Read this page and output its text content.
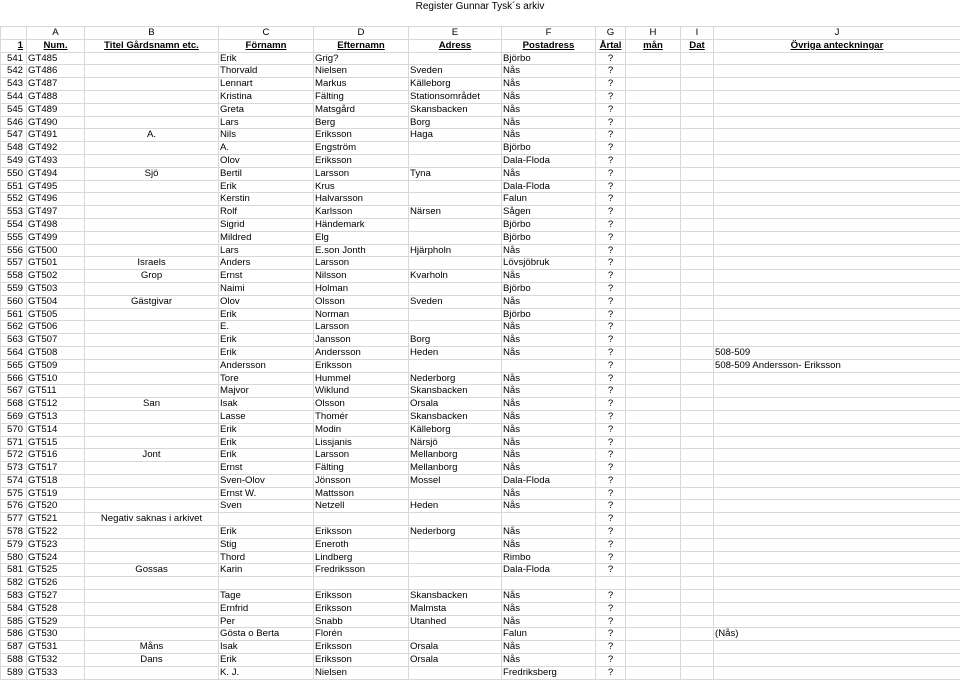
Register Gunnar Tysk´s arkiv
	A	B	C	D	E	F	G	H	I	J
1	Num.	Titel Gårdsnamn etc.	Förnamn	Efternamn	Adress	Postadress	Årtal	mån	Dat	Övriga anteckningar
541	GT485		Erik	Grig?		Björbo	?			
542	GT486		Thorvald	Nielsen	Sveden	Nås	?			
543	GT487		Lennart	Markus	Källeborg	Nås	?			
544	GT488		Kristina	Fälting	Stationsområdet	Nås	?			
545	GT489		Greta	Matsgård	Skansbacken	Nås	?			
546	GT490		Lars	Berg	Borg	Nås	?			
547	GT491	A.	Nils	Eriksson	Haga	Nås	?			
548	GT492		A.	Engström		Björbo	?			
549	GT493		Olov	Eriksson		Dala-Floda	?			
550	GT494	Sjö	Bertil	Larsson	Tyna	Nås	?			
551	GT495		Erik	Krus		Dala-Floda	?			
552	GT496		Kerstin	Halvarsson		Falun	?			
553	GT497		Rolf	Karlsson	Närsen	Sågen	?			
554	GT498		Sigrid	Händemark		Björbo	?			
555	GT499		Mildred	Elg		Björbo	?			
556	GT500		Lars	E.son Jonth	Hjärpholn	Nås	?			
557	GT501	Israels	Anders	Larsson		Lövsjöbruk	?			
558	GT502	Grop	Ernst	Nilsson	Kvarholn	Nås	?			
559	GT503		Naimi	Holman		Björbo	?			
560	GT504	Gästgivar	Olov	Olsson	Sveden	Nås	?			
561	GT505		Erik	Norman		Björbo	?			
562	GT506		E.	Larsson		Nås	?			
563	GT507		Erik	Jansson	Borg	Nås	?			
564	GT508		Erik	Andersson	Heden	Nås	?			508-509
565	GT509		Andersson	Eriksson			?			508-509 Andersson- Eriksson
566	GT510		Tore	Hummel	Nederborg	Nås	?			
567	GT511		Majvor	Wiklund	Skansbacken	Nås	?			
568	GT512	San	Isak	Olsson	Orsala	Nås	?			
569	GT513		Lasse	Thomér	Skansbacken	Nås	?			
570	GT514		Erik	Modin	Källeborg	Nås	?			
571	GT515		Erik	Lissjanis	Närsjö	Nås	?			
572	GT516	Jont	Erik	Larsson	Mellanborg	Nås	?			
573	GT517		Ernst	Fälting	Mellanborg	Nås	?			
574	GT518		Sven-Olov	Jönsson	Mossel	Dala-Floda	?			
575	GT519		Ernst W.	Mattsson		Nås	?			
576	GT520		Sven	Netzell	Heden	Nås	?			
577	GT521	Negativ saknas i arkivet					?			
578	GT522		Erik	Eriksson	Nederborg	Nås	?			
579	GT523		Stig	Eneroth		Nås	?			
580	GT524		Thord	Lindberg		Rimbo	?			
581	GT525	Gossas	Karin	Fredriksson		Dala-Floda	?			
582	GT526									
583	GT527		Tage	Eriksson	Skansbacken	Nås	?			
584	GT528		Ernfrid	Eriksson	Malmsta	Nås	?			
585	GT529		Per	Snabb	Utanhed	Nås	?			
586	GT530		Gösta o Berta	Florén		Falun	?			(Nås)
587	GT531	Måns	Isak	Eriksson	Orsala	Nås	?			
588	GT532	Dans	Erik	Eriksson	Orsala	Nås	?			
589	GT533		K. J.	Nielsen		Fredriksberg	?			
